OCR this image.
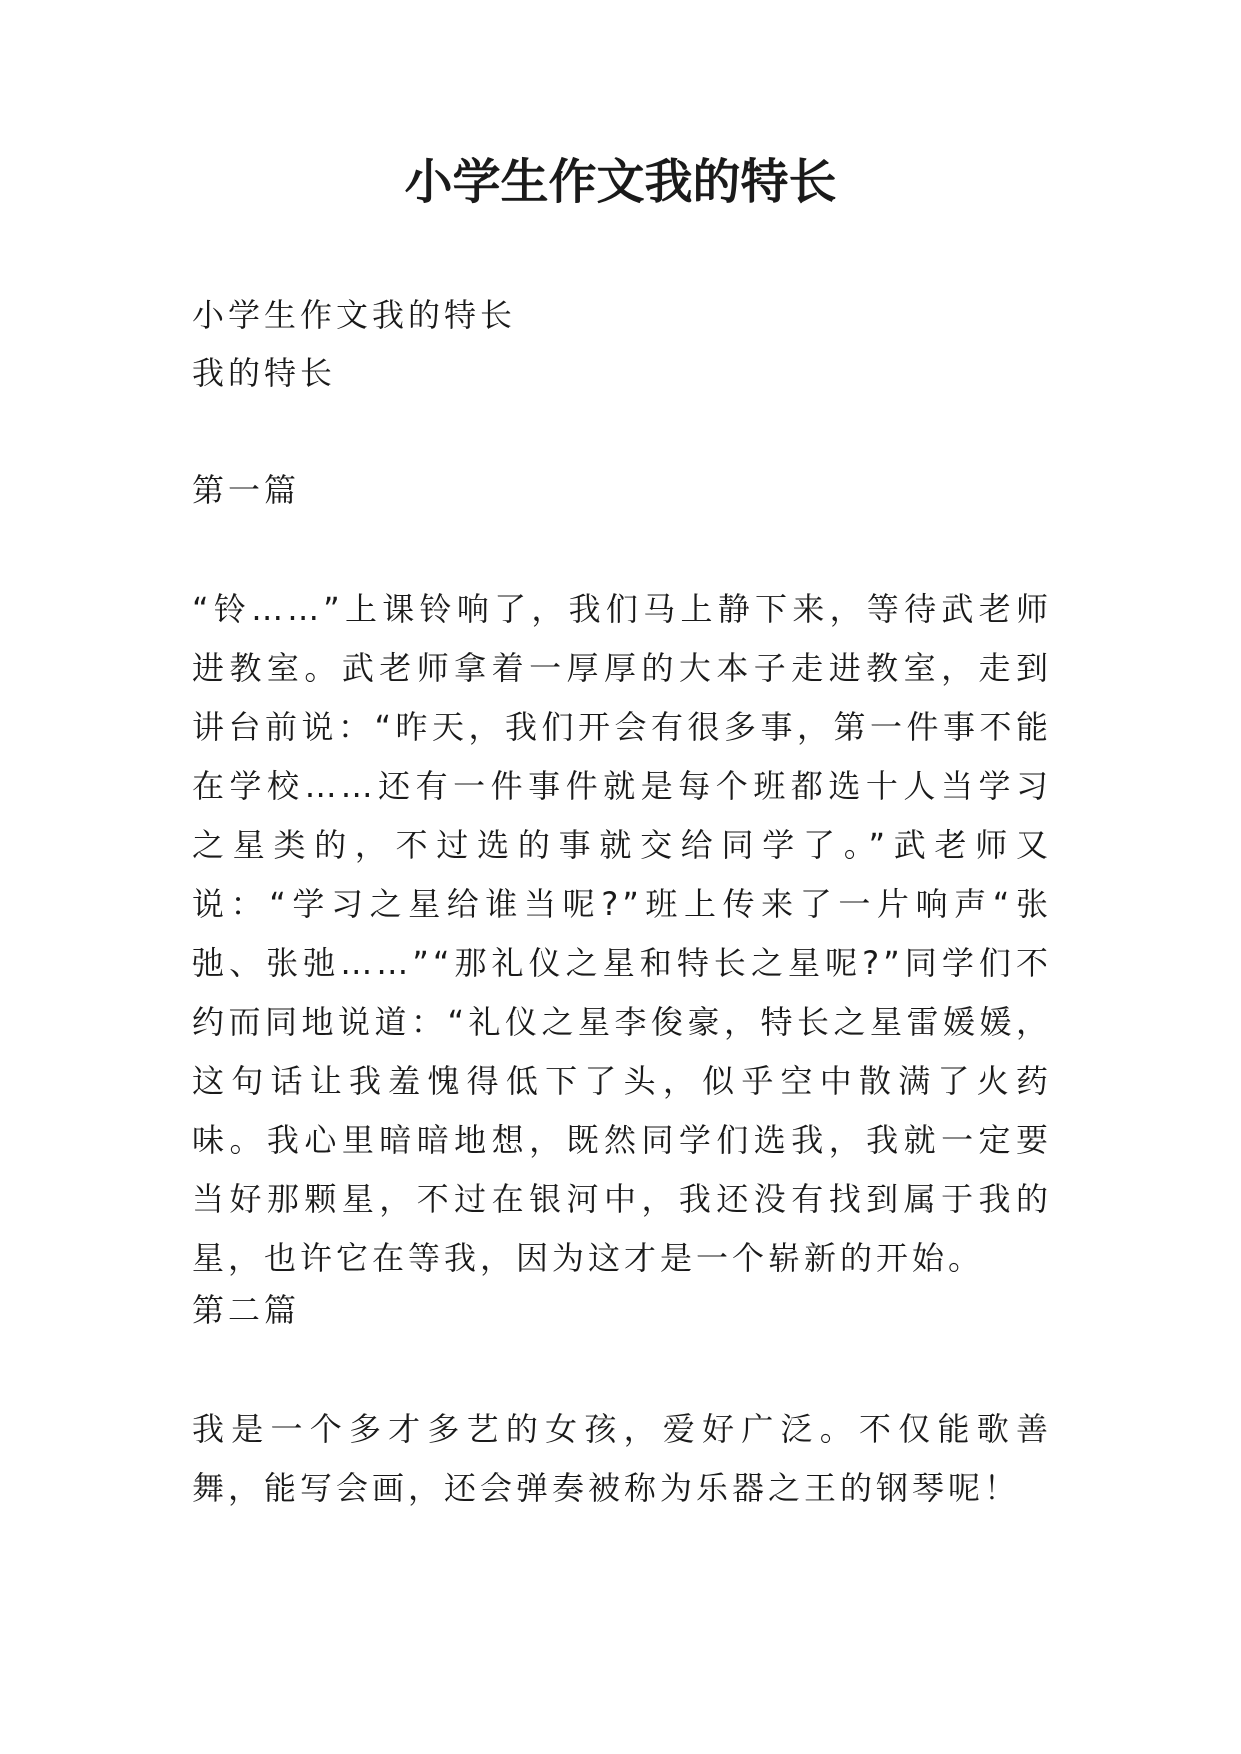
小学生作文我的特长

小学生作文我的特长

我的特长

第一篇

“铃……”上课铃响了，我们马上静下来，等待武老师进教室。武老师拿着一厚厚的大本子走进教室，走到讲台前说：“昨天，我们开会有很多事，第一件事不能在学校……还有一件事件就是每个班都选十人当学习之星类的，不过选的事就交给同学了。”武老师又说：“学习之星给谁当呢?”班上传来了一片响声“张弛、张弛……”“那礼仪之星和特长之星呢?”同学们不约而同地说道：“礼仪之星李俊豪，特长之星雷媛媛，这句话让我羞愧得低下了头，似乎空中散满了火药味。我心里暗暗地想，既然同学们选我，我就一定要当好那颗星，不过在银河中，我还没有找到属于我的星，也许它在等我，因为这才是一个崭新的开始。

第二篇

我是一个多才多艺的女孩，爱好广泛。不仅能歌善舞，能写会画，还会弹奏被称为乐器之王的钢琴呢！
